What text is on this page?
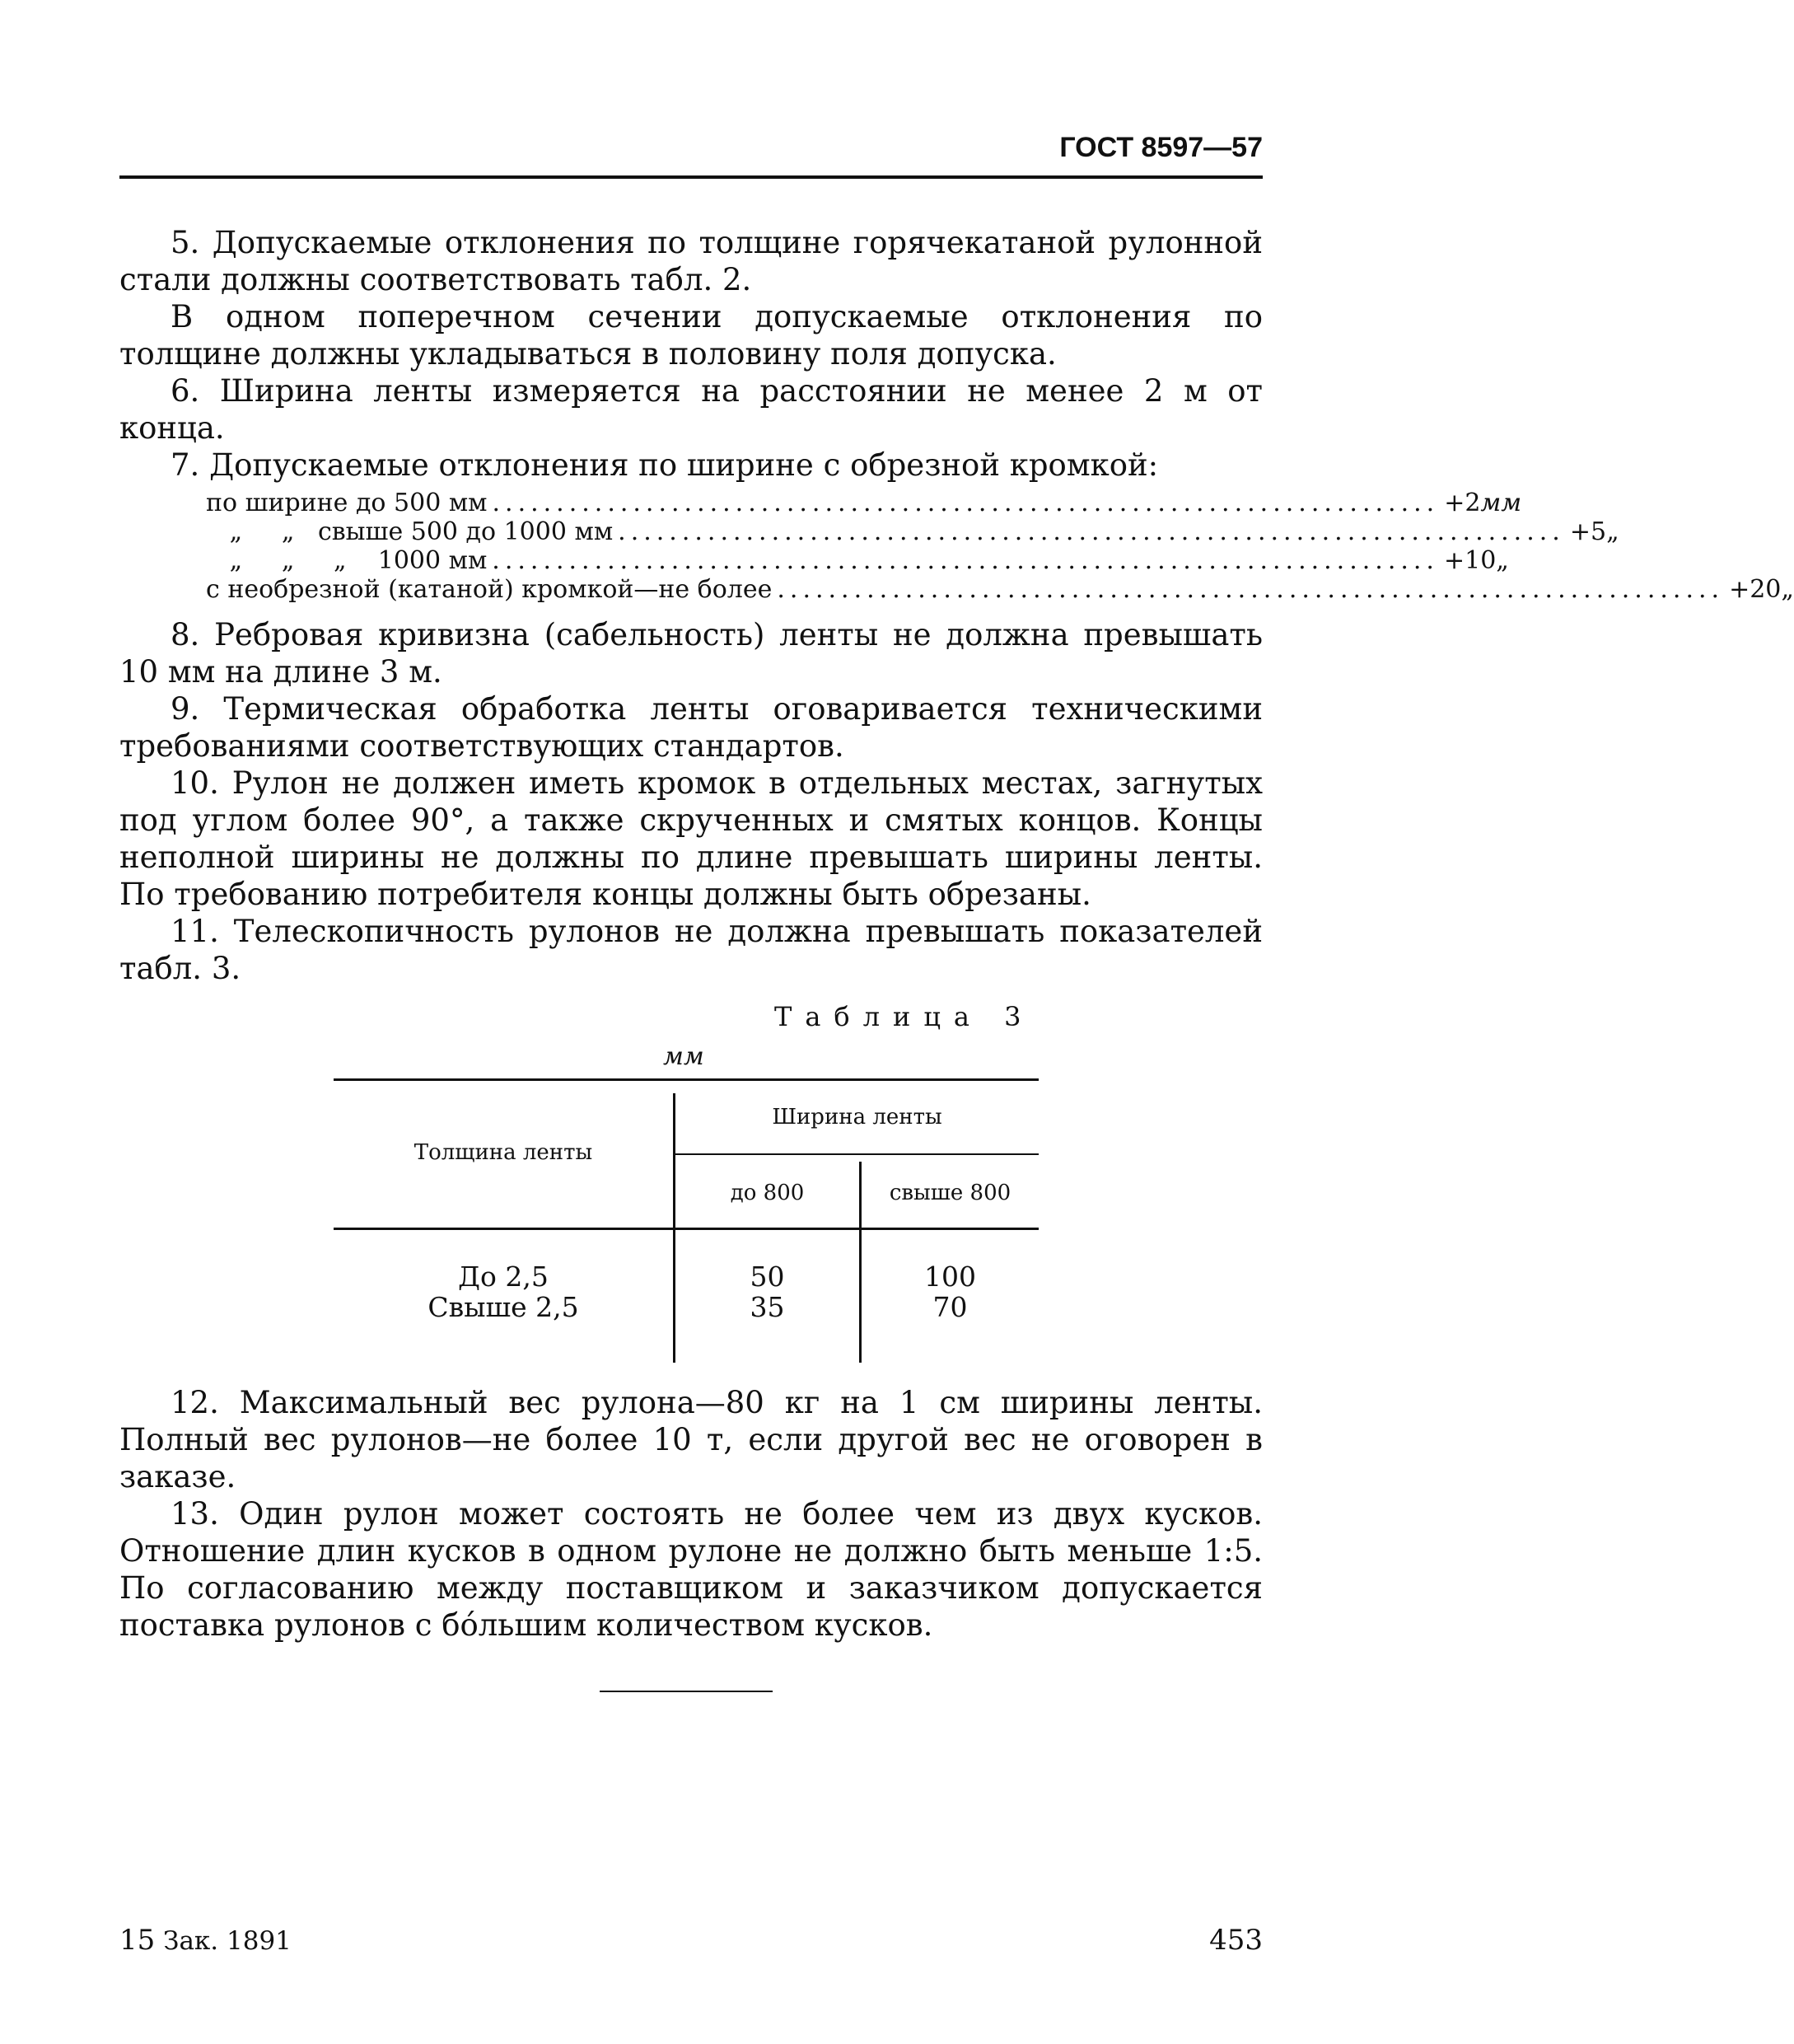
ГОСТ 8597—57

5. Допускаемые отклонения по толщине горячекатаной рулонной стали должны соответствовать табл. 2.

В одном поперечном сечении допускаемые отклонения по толщине должны укладываться в половину поля допуска.

6. Ширина ленты измеряется на расстоянии не менее 2 м от конца.

7. Допускаемые отклонения по ширине с обрезной кромкой:

по ширине до 500 мм .......................................................................... +2 мм
„     „   свыше 500 до 1000 мм .......................................................................... +5 „
„     „     „    1000 мм .......................................................................... +10 „
с необрезной (катаной) кромкой—не более .......................................................................... +20 „

8. Ребровая кривизна (сабельность) ленты не должна превышать 10 мм на длине 3 м.

9. Термическая обработка ленты оговаривается техническими требованиями соответствующих стандартов.

10. Рулон не должен иметь кромок в отдельных местах, загнутых под углом более 90°, а также скрученных и смятых концов. Концы неполной ширины не должны по длине превышать ширины ленты. По требованию потребителя концы должны быть обрезаны.

11. Телескопичность рулонов не должна превышать показателей табл. 3.

Таблица 3
мм
Толщина ленты
Ширина ленты
до 800	свыше 800
До 2,5
Свыше 2,5
50
35
100
70

12. Максимальный вес рулона—80 кг на 1 см ширины ленты. Полный вес рулонов—не более 10 т, если другой вес не оговорен в заказе.

13. Один рулон может состоять не более чем из двух кусков. Отношение длин кусков в одном рулоне не должно быть меньше 1:5. По согласованию между поставщиком и заказчиком допускается поставка рулонов с бо́льшим количеством кусков.

15 Зак. 1891	453
